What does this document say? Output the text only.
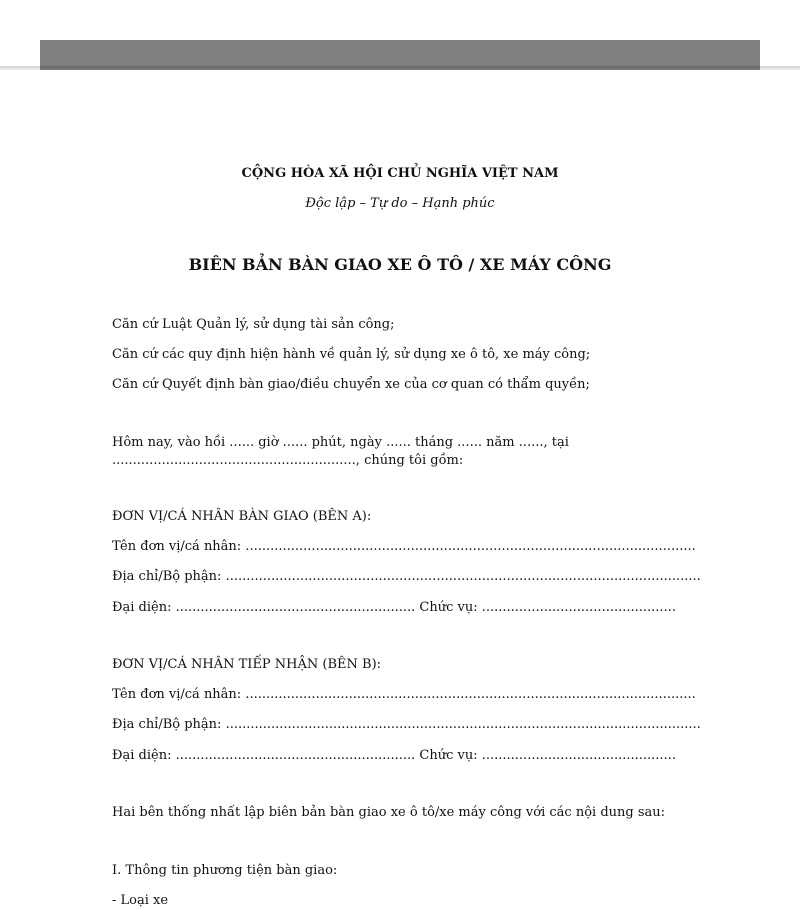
CỘNG HÒA XÃ HỘI CHỦ NGHĨA VIỆT NAM
Độc lập – Tự do – Hạnh phúc
BIÊN BẢN BÀN GIAO XE Ô TÔ / XE MÁY CÔNG
Căn cứ Luật Quản lý, sử dụng tài sản công;
Căn cứ các quy định hiện hành về quản lý, sử dụng xe ô tô, xe máy công;
Căn cứ Quyết định bàn giao/điều chuyển xe của cơ quan có thẩm quyền;
Hôm nay, vào hồi ...... giờ ...... phút, ngày ...... tháng ...... năm ......, tại ..........................................................., chúng tôi gồm:
ĐƠN VỊ/CÁ NHÂN BÀN GIAO (BÊN A):
Tên đơn vị/cá nhân: .............................................................................................................
Địa chỉ/Bộ phận: ...................................................................................................................
Đại diện: .......................................................... Chức vụ: ...............................................
ĐƠN VỊ/CÁ NHÂN TIẾP NHẬN (BÊN B):
Tên đơn vị/cá nhân: .............................................................................................................
Địa chỉ/Bộ phận: ...................................................................................................................
Đại diện: .......................................................... Chức vụ: ...............................................
Hai bên thống nhất lập biên bản bàn giao xe ô tô/xe máy công với các nội dung sau:
I. Thông tin phương tiện bàn giao:
- Loại xe
